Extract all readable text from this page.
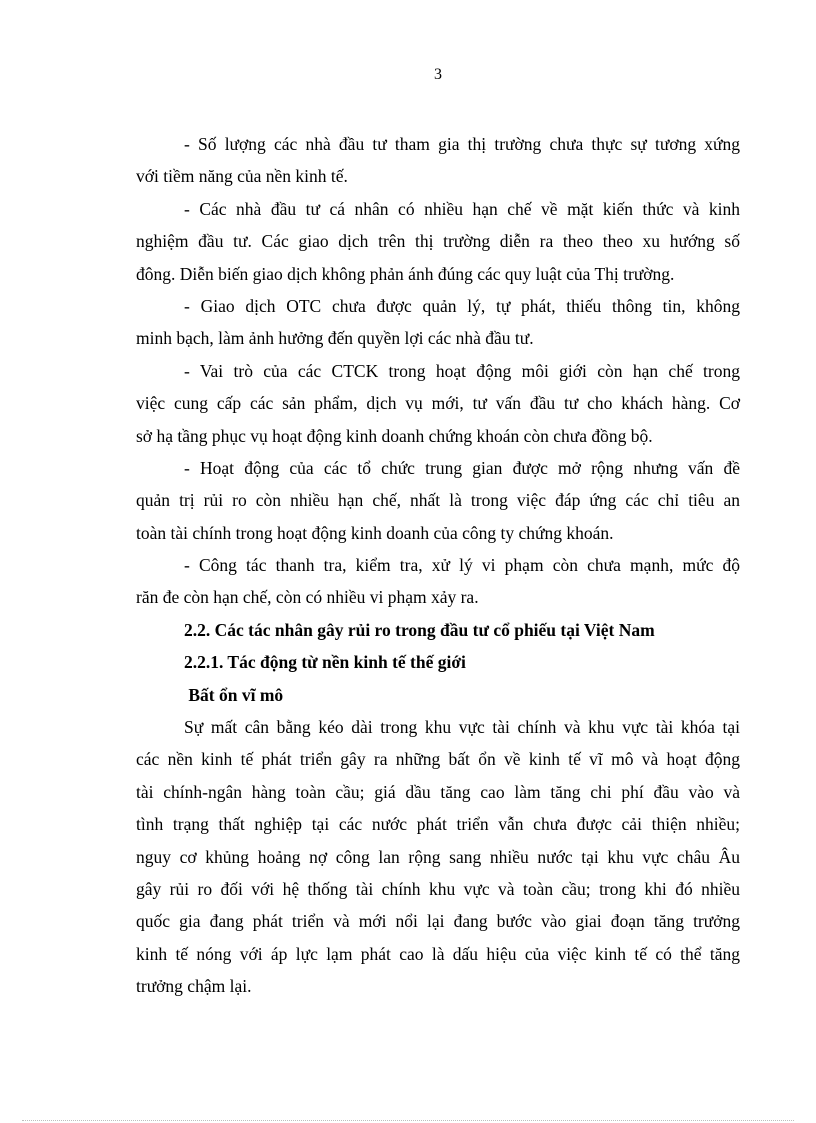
3
- Số lượng các nhà đầu tư tham gia thị trường chưa thực sự tương xứng
với tiềm năng của nền kinh tế.
- Các nhà đầu tư cá nhân có nhiều hạn chế về mặt kiến thức và kinh
nghiệm đầu tư. Các giao dịch trên thị trường diễn ra theo theo xu hướng số
đông. Diễn biến giao dịch không phản ánh đúng các quy luật của Thị trường.
- Giao dịch OTC chưa được quản lý, tự phát, thiếu thông tin, không
minh bạch, làm ảnh hưởng đến quyền lợi các nhà đầu tư.
- Vai trò của các CTCK trong hoạt động môi giới còn hạn chế trong
việc cung cấp các sản phẩm, dịch vụ mới, tư vấn đầu tư cho khách hàng. Cơ
sở hạ tầng phục vụ hoạt động kinh doanh chứng khoán còn chưa đồng bộ.
- Hoạt động của các tổ chức trung gian được mở rộng nhưng vấn đề
quản trị rủi ro còn nhiều hạn chế, nhất là trong việc đáp ứng các chỉ tiêu an
toàn tài chính trong hoạt động kinh doanh của công ty chứng khoán.
- Công tác thanh tra, kiểm tra, xử lý vi phạm còn chưa mạnh, mức độ
răn đe còn hạn chế, còn có nhiều vi phạm xảy ra.
2.2. Các tác nhân gây rủi ro trong đầu tư cổ phiếu tại Việt Nam
2.2.1. Tác động từ nền kinh tế thế giới
Bất ổn vĩ mô
Sự mất cân bằng kéo dài trong khu vực tài chính và khu vực tài khóa tại
các nền kinh tế phát triển gây ra những bất ổn về kinh tế vĩ mô và hoạt động
tài chính-ngân hàng toàn cầu; giá dầu tăng cao làm tăng chi phí đầu vào và
tình trạng thất nghiệp tại các nước phát triển vẫn chưa được cải thiện nhiều;
nguy cơ khủng hoảng nợ công lan rộng sang nhiều nước tại khu vực châu Âu
gây rủi ro đối với hệ thống tài chính khu vực và toàn cầu; trong khi đó nhiều
quốc gia đang phát triển và mới nổi lại đang bước vào giai đoạn tăng trưởng
kinh tế nóng với áp lực lạm phát cao là dấu hiệu của việc kinh tế có thể tăng
trưởng chậm lại.
